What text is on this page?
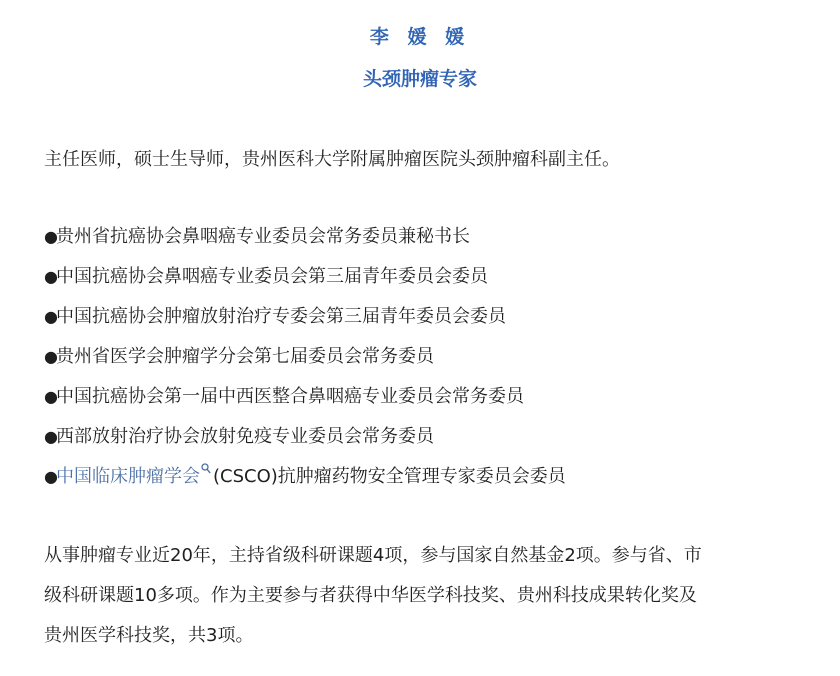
李 媛 媛
头颈肿瘤专家
主任医师，硕士生导师，贵州医科大学附属肿瘤医院头颈肿瘤科副主任。
●贵州省抗癌协会鼻咽癌专业委员会常务委员兼秘书长
●中国抗癌协会鼻咽癌专业委员会第三届青年委员会委员
●中国抗癌协会肿瘤放射治疗专委会第三届青年委员会委员
●贵州省医学会肿瘤学分会第七届委员会常务委员
●中国抗癌协会第一届中西医整合鼻咽癌专业委员会常务委员
●西部放射治疗协会放射免疫专业委员会常务委员
●中国临床肿瘤学会 (CSCO)抗肿瘤药物安全管理专家委员会委员
从事肿瘤专业近20年，主持省级科研课题4项，参与国家自然基金2项。参与省、市
级科研课题10多项。作为主要参与者获得中华医学科技奖、贵州科技成果转化奖及
贵州医学科技奖，共3项。
